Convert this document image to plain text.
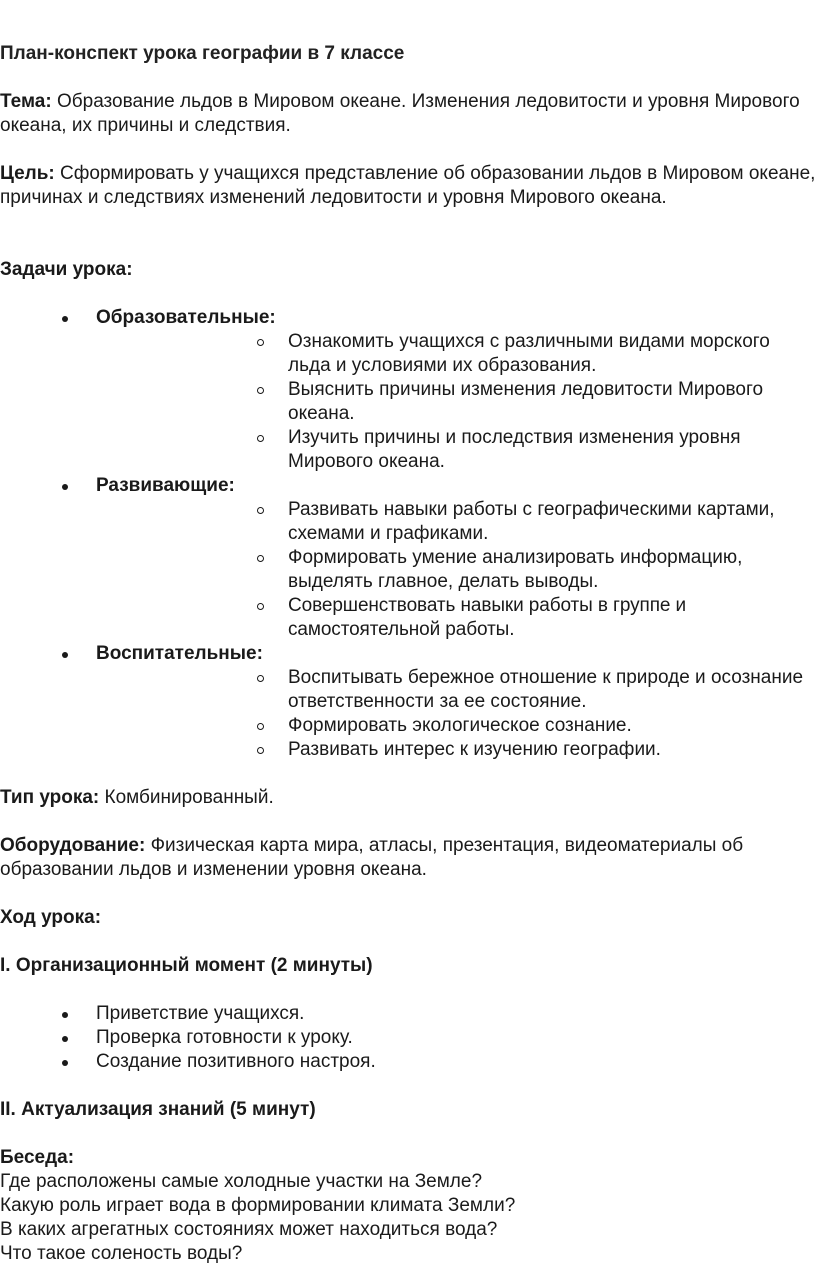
План-конспект урока географии в 7 классе

Тема: Образование льдов в Мировом океане. Изменения ледовитости и уровня Мирового океана, их причины и следствия.

Цель: Сформировать у учащихся представление об образовании льдов в Мировом океане, причинах и следствиях изменений ледовитости и уровня Мирового океана.

Задачи урока:

Образовательные:
Ознакомить учащихся с различными видами морского льда и условиями их образования.
Выяснить причины изменения ледовитости Мирового океана.
Изучить причины и последствия изменения уровня Мирового океана.
Развивающие:
Развивать навыки работы с географическими картами, схемами и графиками.
Формировать умение анализировать информацию, выделять главное, делать выводы.
Совершенствовать навыки работы в группе и самостоятельной работы.
Воспитательные:
Воспитывать бережное отношение к природе и осознание ответственности за ее состояние.
Формировать экологическое сознание.
Развивать интерес к изучению географии.

Тип урока: Комбинированный.

Оборудование: Физическая карта мира, атласы, презентация, видеоматериалы об образовании льдов и изменении уровня океана.

Ход урока:

I. Организационный момент (2 минуты)

Приветствие учащихся.
Проверка готовности к уроку.
Создание позитивного настроя.

II. Актуализация знаний (5 минут)

Беседа:

Где расположены самые холодные участки на Земле?

Какую роль играет вода в формировании климата Земли?

В каких агрегатных состояниях может находиться вода?

Что такое соленость воды?
